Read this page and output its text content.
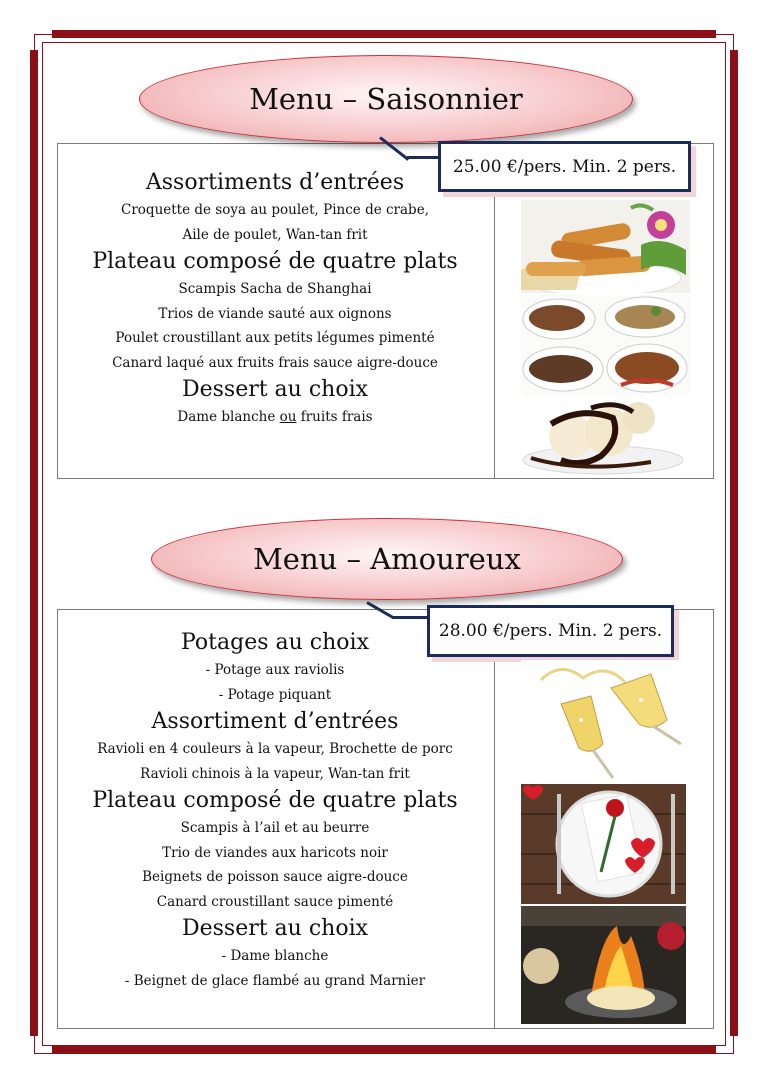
Menu – Saisonnier
25.00 €/pers. Min. 2 pers.

Assortiments d’entrées

Croquette de soya au poulet, Pince de crabe,

Aile de poulet, Wan-tan frit

Plateau composé de quatre plats

Scampis Sacha de Shanghai

Trios de viande sauté aux oignons

Poulet croustillant aux petits légumes pimenté

Canard laqué aux fruits frais sauce aigre-douce

Dessert au choix

Dame blanche ou fruits frais

Menu – Amoureux
28.00 €/pers. Min. 2 pers.

Potages au choix

- Potage aux raviolis

- Potage piquant

Assortiment d’entrées

Ravioli en 4 couleurs à la vapeur, Brochette de porc

Ravioli chinois à la vapeur, Wan-tan frit

Plateau composé de quatre plats

Scampis à l’ail et au beurre

Trio de viandes aux haricots noir

Beignets de poisson sauce aigre-douce

Canard croustillant sauce pimenté

Dessert au choix

- Dame blanche

- Beignet de glace flambé au grand Marnier
